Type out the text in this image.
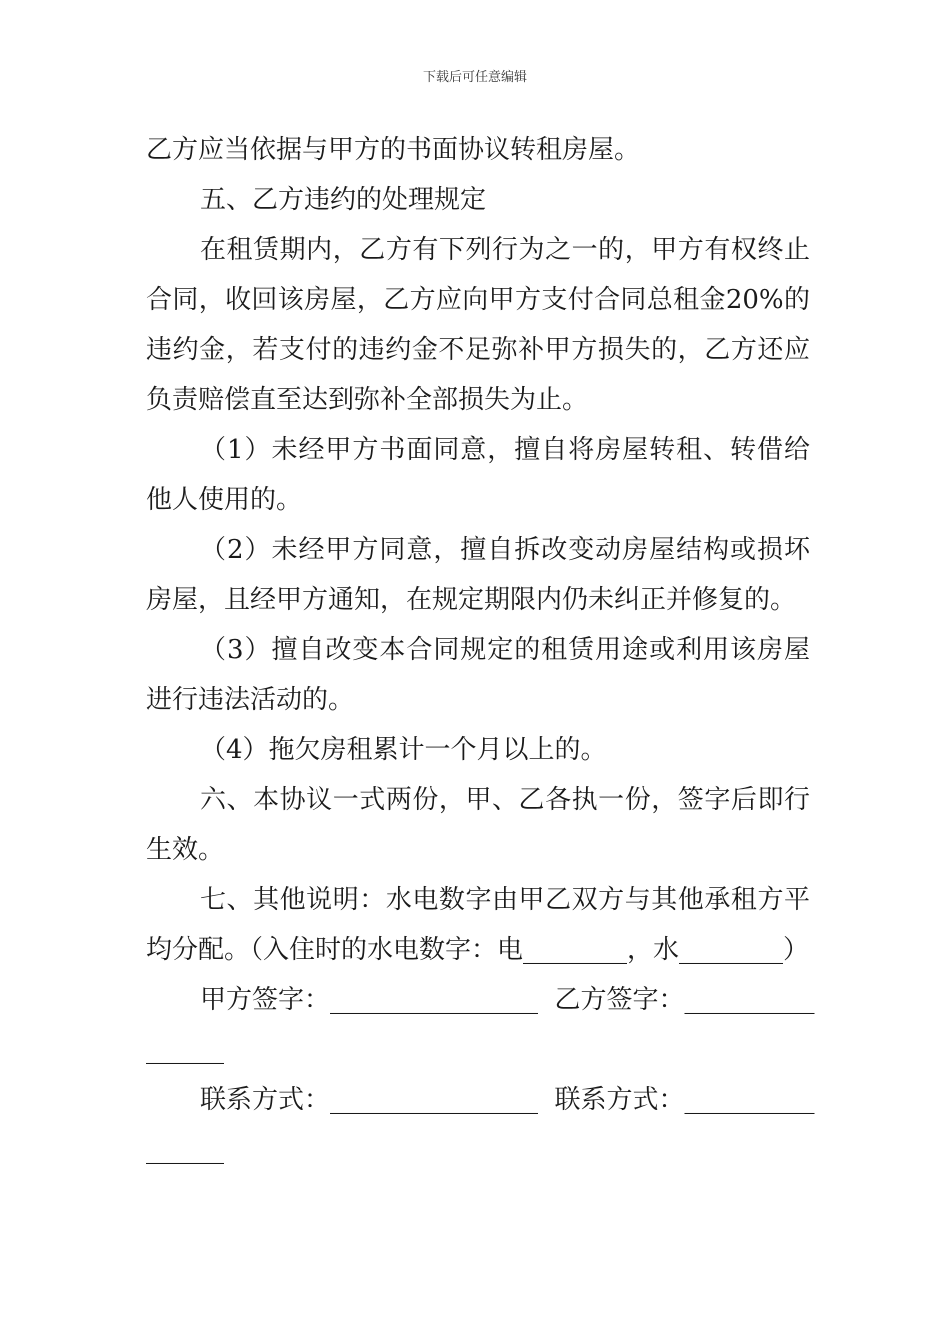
下载后可任意编辑

乙方应当依据与甲方的书面协议转租房屋。

五、乙方违约的处理规定

在租赁期内，乙方有下列行为之一的，甲方有权终止合同，收回该房屋，乙方应向甲方支付合同总租金20%的违约金，若支付的违约金不足弥补甲方损失的，乙方还应负责赔偿直至达到弥补全部损失为止。

（1）未经甲方书面同意，擅自将房屋转租、转借给他人使用的。

（2）未经甲方同意，擅自拆改变动房屋结构或损坏房屋，且经甲方通知，在规定期限内仍未纠正并修复的。

（3）擅自改变本合同规定的租赁用途或利用该房屋进行违法活动的。

（4）拖欠房租累计一个月以上的。

六、本协议一式两份，甲、乙各执一份，签字后即行生效。

七、其他说明：水电数字由甲乙双方与其他承租方平均分配。（入住时的水电数字：电________，水________）

甲方签字：________________  乙方签字：__________

______

联系方式：________________  联系方式：__________

______
